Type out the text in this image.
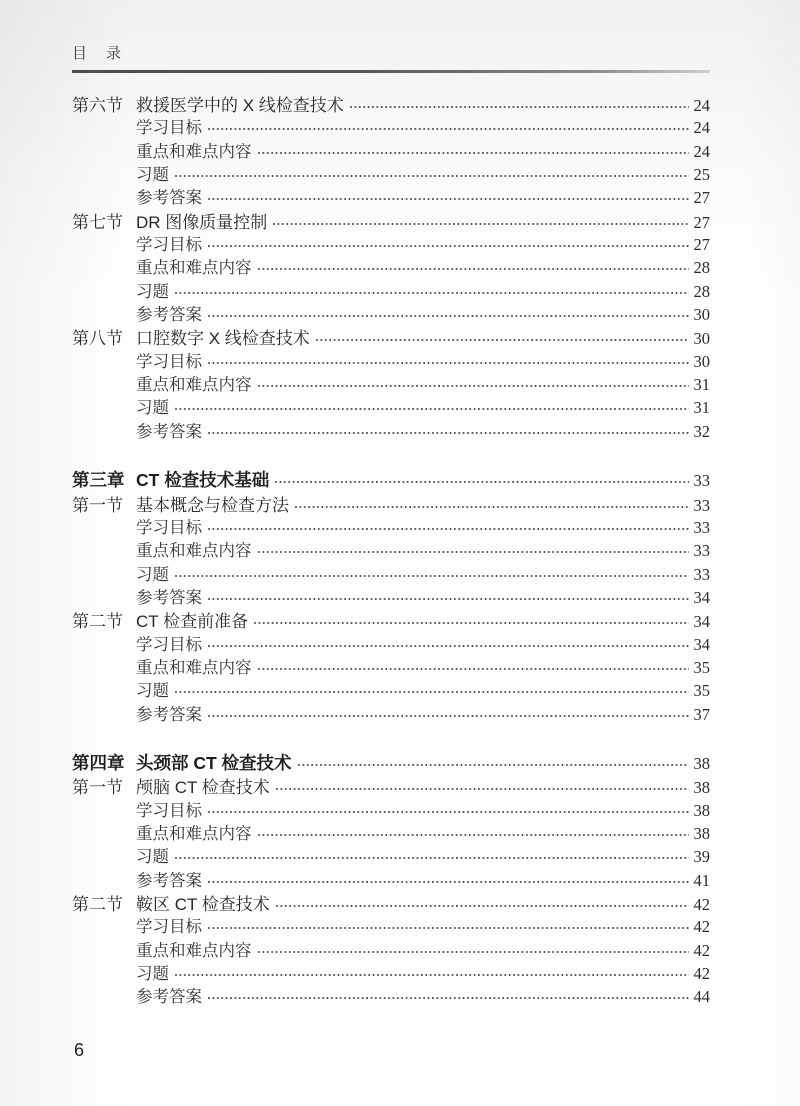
目　录
第六节 救援医学中的 X 线检查技术	24
学习目标	24
重点和难点内容	24
习题	25
参考答案	27
第七节 DR 图像质量控制	27
学习目标	27
重点和难点内容	28
习题	28
参考答案	30
第八节 口腔数字 X 线检查技术	30
学习目标	30
重点和难点内容	31
习题	31
参考答案	32
第三章 CT 检查技术基础	33
第一节 基本概念与检查方法	33
学习目标	33
重点和难点内容	33
习题	33
参考答案	34
第二节 CT 检查前准备	34
学习目标	34
重点和难点内容	35
习题	35
参考答案	37
第四章 头颈部 CT 检查技术	38
第一节 颅脑 CT 检查技术	38
学习目标	38
重点和难点内容	38
习题	39
参考答案	41
第二节 鞍区 CT 检查技术	42
学习目标	42
重点和难点内容	42
习题	42
参考答案	44
6
